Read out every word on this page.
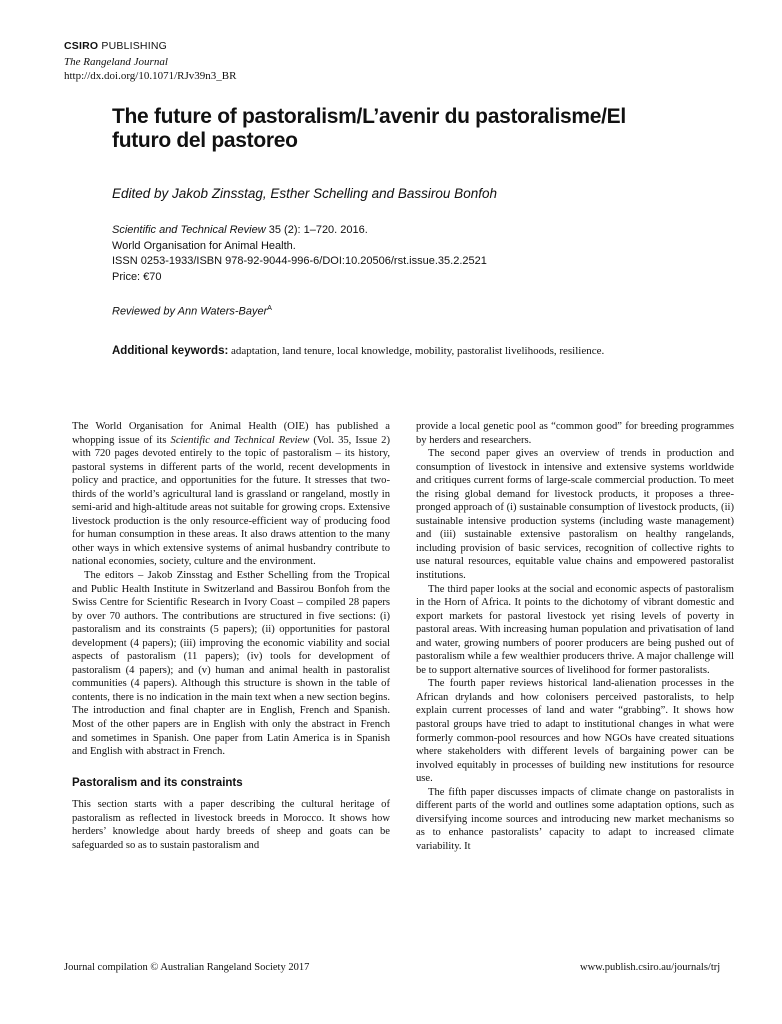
CSIRO PUBLISHING
The Rangeland Journal
http://dx.doi.org/10.1071/RJv39n3_BR
The future of pastoralism/L’avenir du pastoralisme/El futuro del pastoreo
Edited by Jakob Zinsstag, Esther Schelling and Bassirou Bonfoh
Scientific and Technical Review 35 (2): 1–720. 2016.
World Organisation for Animal Health.
ISSN 0253-1933/ISBN 978-92-9044-996-6/DOI:10.20506/rst.issue.35.2.2521
Price: €70
Reviewed by Ann Waters-Bayer$^A$
Additional keywords: adaptation, land tenure, local knowledge, mobility, pastoralist livelihoods, resilience.

The World Organisation for Animal Health (OIE) has published a whopping issue of its Scientific and Technical Review (Vol. 35, Issue 2) with 720 pages devoted entirely to the topic of pastoralism – its history, pastoral systems in different parts of the world, recent developments in policy and practice, and opportunities for the future. It stresses that two-thirds of the world’s agricultural land is grassland or rangeland, mostly in semi-arid and high-altitude areas not suitable for growing crops. Extensive livestock production is the only resource-efficient way of producing food for human consumption in these areas. It also draws attention to the many other ways in which extensive systems of animal husbandry contribute to national economies, society, culture and the environment.

The editors – Jakob Zinsstag and Esther Schelling from the Tropical and Public Health Institute in Switzerland and Bassirou Bonfoh from the Swiss Centre for Scientific Research in Ivory Coast – compiled 28 papers by over 70 authors. The contributions are structured in five sections: (i) pastoralism and its constraints (5 papers); (ii) opportunities for pastoral development (4 papers); (iii) improving the economic viability and social aspects of pastoralism (11 papers); (iv) tools for development of pastoralism (4 papers); and (v) human and animal health in pastoralist communities (4 papers). Although this structure is shown in the table of contents, there is no indication in the main text when a new section begins. The introduction and final chapter are in English, French and Spanish. Most of the other papers are in English with only the abstract in French and sometimes in Spanish. One paper from Latin America is in Spanish and English with abstract in French.

Pastoralism and its constraints

This section starts with a paper describing the cultural heritage of pastoralism as reflected in livestock breeds in Morocco. It shows how herders’ knowledge about hardy breeds of sheep and goats can be safeguarded so as to sustain pastoralism and

provide a local genetic pool as “common good” for breeding programmes by herders and researchers.

The second paper gives an overview of trends in production and consumption of livestock in intensive and extensive systems worldwide and critiques current forms of large-scale commercial production. To meet the rising global demand for livestock products, it proposes a three-pronged approach of (i) sustainable consumption of livestock products, (ii) sustainable intensive production systems (including waste management) and (iii) sustainable extensive pastoralism on healthy rangelands, including provision of basic services, recognition of collective rights to use natural resources, equitable value chains and empowered pastoralist institutions.

The third paper looks at the social and economic aspects of pastoralism in the Horn of Africa. It points to the dichotomy of vibrant domestic and export markets for pastoral livestock yet rising levels of poverty in pastoral areas. With increasing human population and privatisation of land and water, growing numbers of poorer producers are being pushed out of pastoralism while a few wealthier producers thrive. A major challenge will be to support alternative sources of livelihood for former pastoralists.

The fourth paper reviews historical land-alienation processes in the African drylands and how colonisers perceived pastoralists, to help explain current processes of land and water “grabbing”. It shows how pastoral groups have tried to adapt to institutional changes in what were formerly common-pool resources and how NGOs have created situations where stakeholders with different levels of bargaining power can be involved equitably in processes of building new institutions for resource use.

The fifth paper discusses impacts of climate change on pastoralists in different parts of the world and outlines some adaptation options, such as diversifying income sources and introducing new market mechanisms so as to enhance pastoralists’ capacity to adapt to increased climate variability. It

Journal compilation © Australian Rangeland Society 2017	www.publish.csiro.au/journals/trj
